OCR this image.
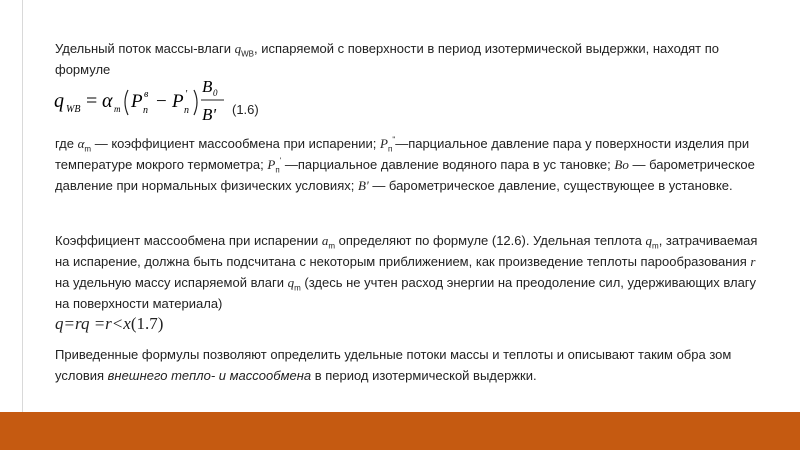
Удельный поток массы-влаги $q_{WB}$, испаряемой с поверхности в период изотермической выдержки, находят по формуле
q WB = α m P в
п − P '
п
B 0
B' (1.6)
где $\alpha_m$ — коэффициент массообмена при испарении; $P_п^"—парциальное$ давление пара у поверхности изделия при температуре мокрого термометра; $P_п'$ —парциальное давление водяного пара в ус тановке; Во — барометрическое давление при нормальных физических условиях; B' — барометрическое давление, существующее в установке.
Коэффициент массообмена при испарении $a_m$ определяют по формуле (12.6). Удельная теплота $q_m$, затрачиваемая на испарение, должна быть подсчитана с некоторым приближением, как произведение теплоты парообразования r на удельную массу испаряемой влаги $q_m$ (здесь не учтен расход энергии на преодоление сил, удерживающих влагу на поверхности материала)
q=rq =r<x(1.7)
Приведенные формулы позволяют определить удельные потоки массы и теплоты и описывают таким обра зом условия внешнего тепло- и массообмена в период изотермической выдержки.
